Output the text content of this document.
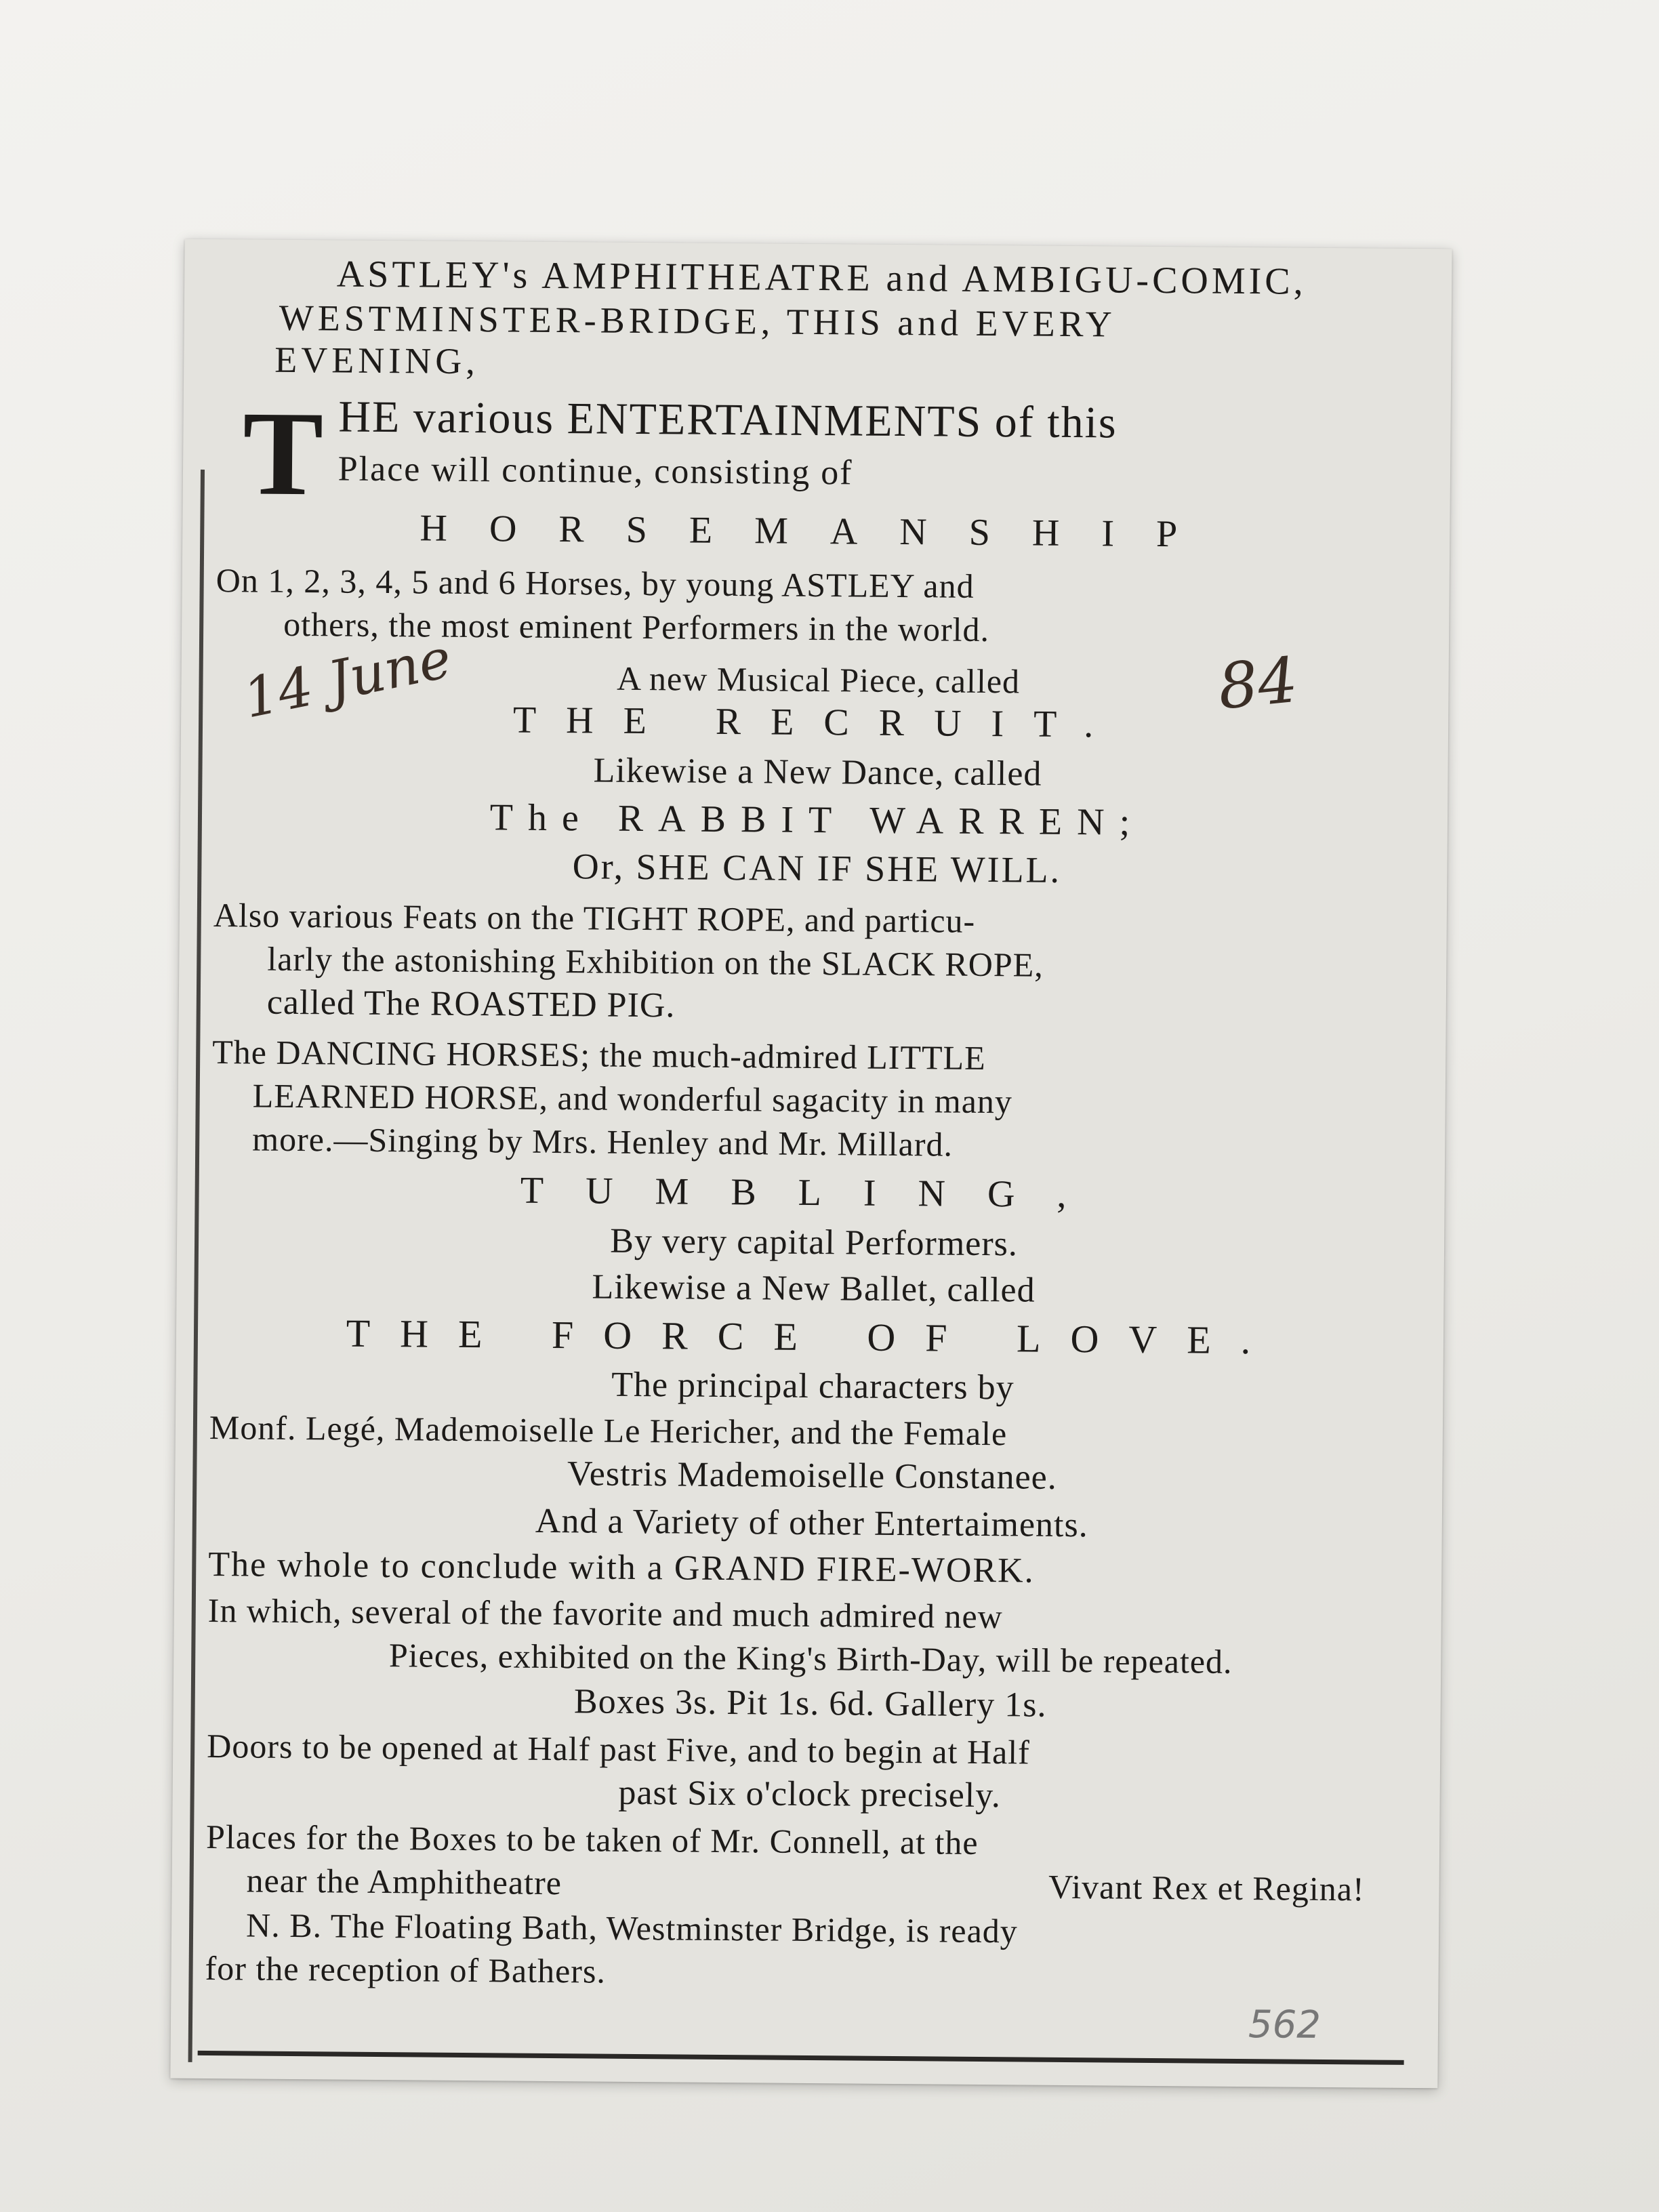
ASTLEY's AMPHITHEATRE and AMBIGU-COMIC,
WESTMINSTER-BRIDGE, THIS and EVERY
EVENING,
T HE various ENTERTAINMENTS of this
Place will continue, consisting of
HORSEMANSHIP
On 1, 2, 3, 4, 5 and 6 Horses, by young ASTLEY and
others, the most eminent Performers in the world.
A new Musical Piece, called
THE RECRUIT.
Likewise a New Dance, called
The RABBIT WARREN;
Or, SHE CAN IF SHE WILL.
Also various Feats on the TIGHT ROPE, and particu-
larly the astonishing Exhibition on the SLACK ROPE,
called The ROASTED PIG.
The DANCING HORSES; the much-admired LITTLE
LEARNED HORSE, and wonderful sagacity in many
more.—Singing by Mrs. Henley and Mr. Millard.
TUMBLING,
By very capital Performers.
Likewise a New Ballet, called
THE FORCE OF LOVE.
The principal characters by
Monf. Legé, Mademoiselle Le Hericher, and the Female
Vestris Mademoiselle Constanee.
And a Variety of other Entertaiments.
The whole to conclude with a GRAND FIRE-WORK.
In which, several of the favorite and much admired new
Pieces, exhibited on the King's Birth-Day, will be repeated.
Boxes 3s. Pit 1s. 6d. Gallery 1s.
Doors to be opened at Half past Five, and to begin at Half
past Six o'clock precisely.
Places for the Boxes to be taken of Mr. Connell, at the
near the Amphitheatre	Vivant Rex et Regina!
N. B. The Floating Bath, Westminster Bridge, is ready
for the reception of Bathers.
14 June	84
562
